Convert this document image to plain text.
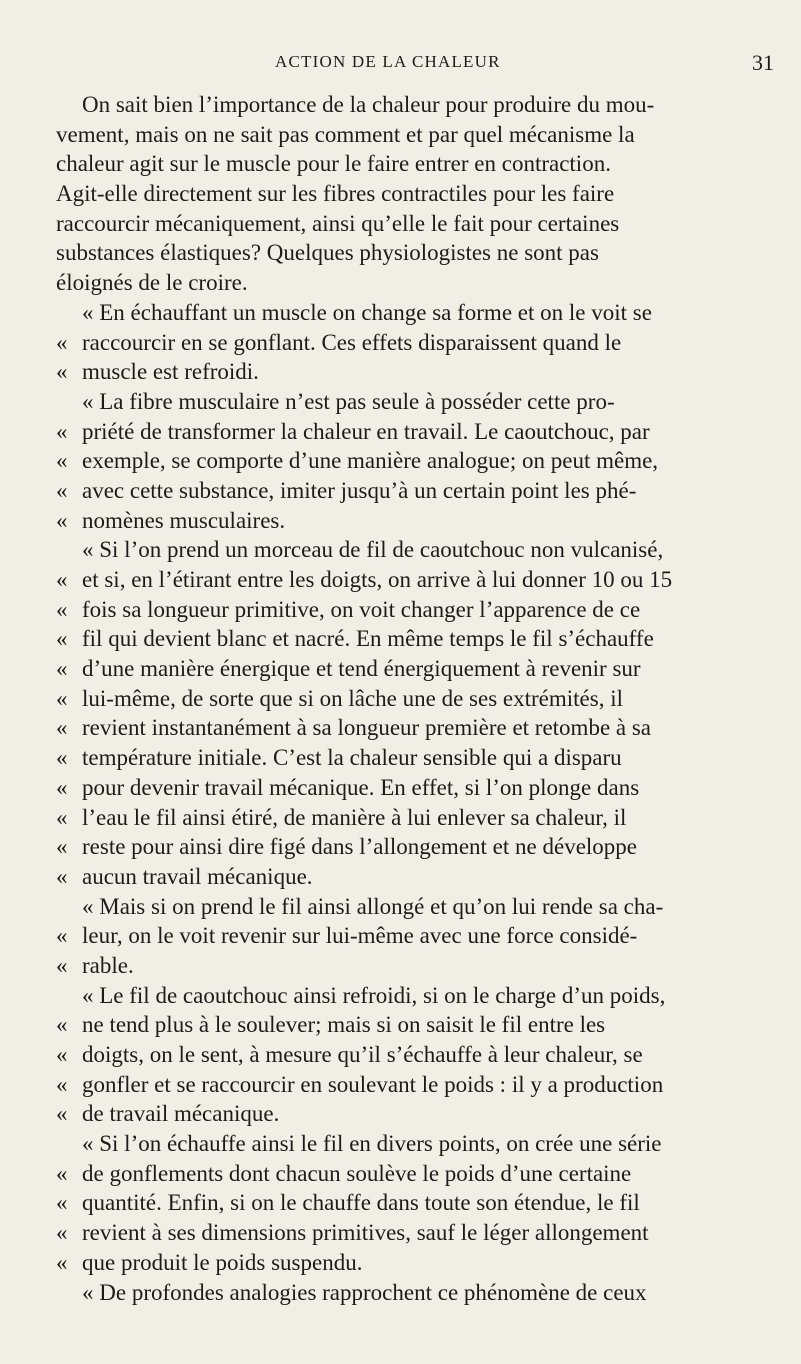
ACTION DE LA CHALEUR	31
On sait bien l’importance de la chaleur pour produire du mou-
vement, mais on ne sait pas comment et par quel mécanisme la
chaleur agit sur le muscle pour le faire entrer en contraction.
Agit-elle directement sur les fibres contractiles pour les faire
raccourcir mécaniquement, ainsi qu’elle le fait pour certaines
substances élastiques? Quelques physiologistes ne sont pas
éloignés de le croire.
« En échauffant un muscle on change sa forme et on le voit se
« raccourcir en se gonflant. Ces effets disparaissent quand le
« muscle est refroidi.
« La fibre musculaire n’est pas seule à posséder cette pro-
« priété de transformer la chaleur en travail. Le caoutchouc, par
« exemple, se comporte d’une manière analogue; on peut même,
« avec cette substance, imiter jusqu’à un certain point les phé-
« nomènes musculaires.
« Si l’on prend un morceau de fil de caoutchouc non vulcanisé,
« et si, en l’étirant entre les doigts, on arrive à lui donner 10 ou 15
« fois sa longueur primitive, on voit changer l’apparence de ce
« fil qui devient blanc et nacré. En même temps le fil s’échauffe
« d’une manière énergique et tend énergiquement à revenir sur
« lui-même, de sorte que si on lâche une de ses extrémités, il
« revient instantanément à sa longueur première et retombe à sa
« température initiale. C’est la chaleur sensible qui a disparu
« pour devenir travail mécanique. En effet, si l’on plonge dans
« l’eau le fil ainsi étiré, de manière à lui enlever sa chaleur, il
« reste pour ainsi dire figé dans l’allongement et ne développe
« aucun travail mécanique.
« Mais si on prend le fil ainsi allongé et qu’on lui rende sa cha-
« leur, on le voit revenir sur lui-même avec une force considé-
« rable.
« Le fil de caoutchouc ainsi refroidi, si on le charge d’un poids,
« ne tend plus à le soulever; mais si on saisit le fil entre les
« doigts, on le sent, à mesure qu’il s’échauffe à leur chaleur, se
« gonfler et se raccourcir en soulevant le poids : il y a production
« de travail mécanique.
« Si l’on échauffe ainsi le fil en divers points, on crée une série
« de gonflements dont chacun soulève le poids d’une certaine
« quantité. Enfin, si on le chauffe dans toute son étendue, le fil
« revient à ses dimensions primitives, sauf le léger allongement
« que produit le poids suspendu.
« De profondes analogies rapprochent ce phénomène de ceux
